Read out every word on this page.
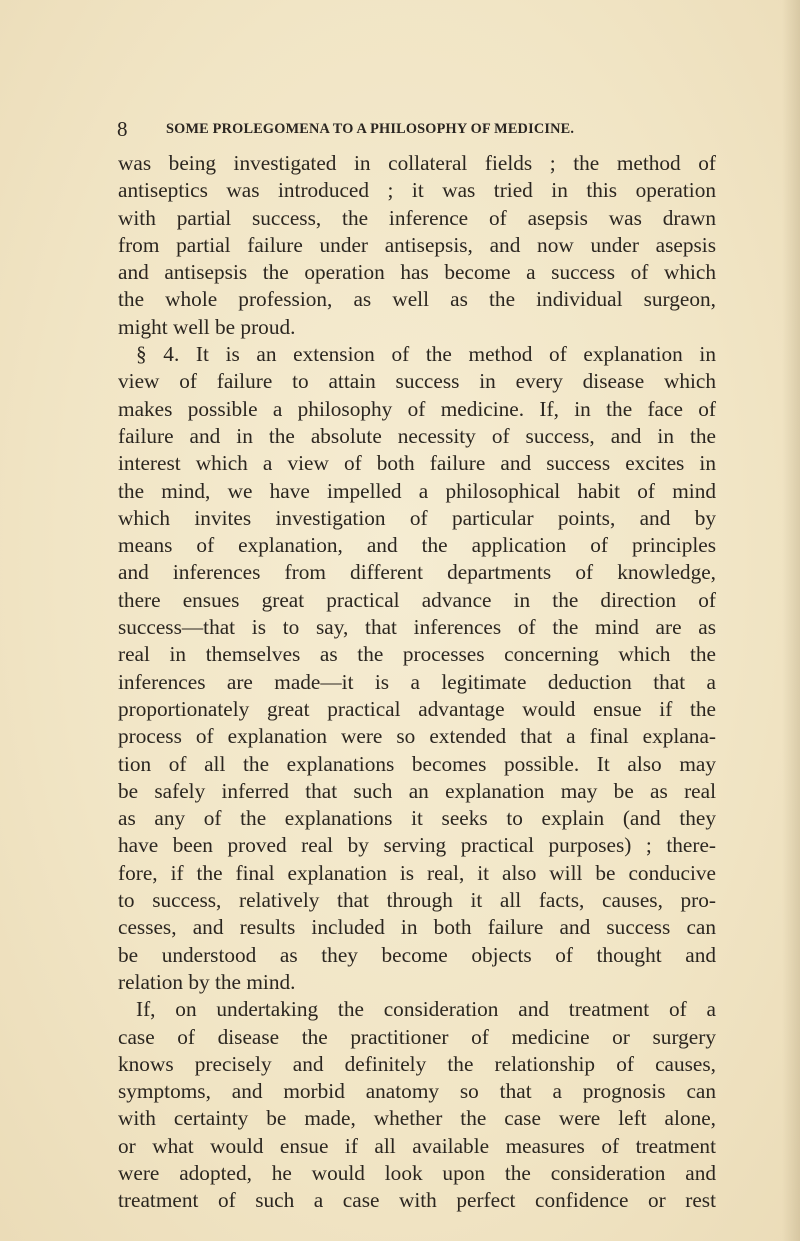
8	SOME PROLEGOMENA TO A PHILOSOPHY OF MEDICINE.
was being investigated in collateral fields ; the method of
antiseptics was introduced ; it was tried in this operation
with partial success, the inference of asepsis was drawn
from partial failure under antisepsis, and now under asepsis
and antisepsis the operation has become a success of which
the whole profession, as well as the individual surgeon,
might well be proud.
§ 4. It is an extension of the method of explanation in
view of failure to attain success in every disease which
makes possible a philosophy of medicine. If, in the face of
failure and in the absolute necessity of success, and in the
interest which a view of both failure and success excites in
the mind, we have impelled a philosophical habit of mind
which invites investigation of particular points, and by
means of explanation, and the application of principles
and inferences from different departments of knowledge,
there ensues great practical advance in the direction of
success—that is to say, that inferences of the mind are as
real in themselves as the processes concerning which the
inferences are made—it is a legitimate deduction that a
proportionately great practical advantage would ensue if the
process of explanation were so extended that a final explana-
tion of all the explanations becomes possible. It also may
be safely inferred that such an explanation may be as real
as any of the explanations it seeks to explain (and they
have been proved real by serving practical purposes) ; there-
fore, if the final explanation is real, it also will be conducive
to success, relatively that through it all facts, causes, pro-
cesses, and results included in both failure and success can
be understood as they become objects of thought and
relation by the mind.
If, on undertaking the consideration and treatment of a
case of disease the practitioner of medicine or surgery
knows precisely and definitely the relationship of causes,
symptoms, and morbid anatomy so that a prognosis can
with certainty be made, whether the case were left alone,
or what would ensue if all available measures of treatment
were adopted, he would look upon the consideration and
treatment of such a case with perfect confidence or rest
